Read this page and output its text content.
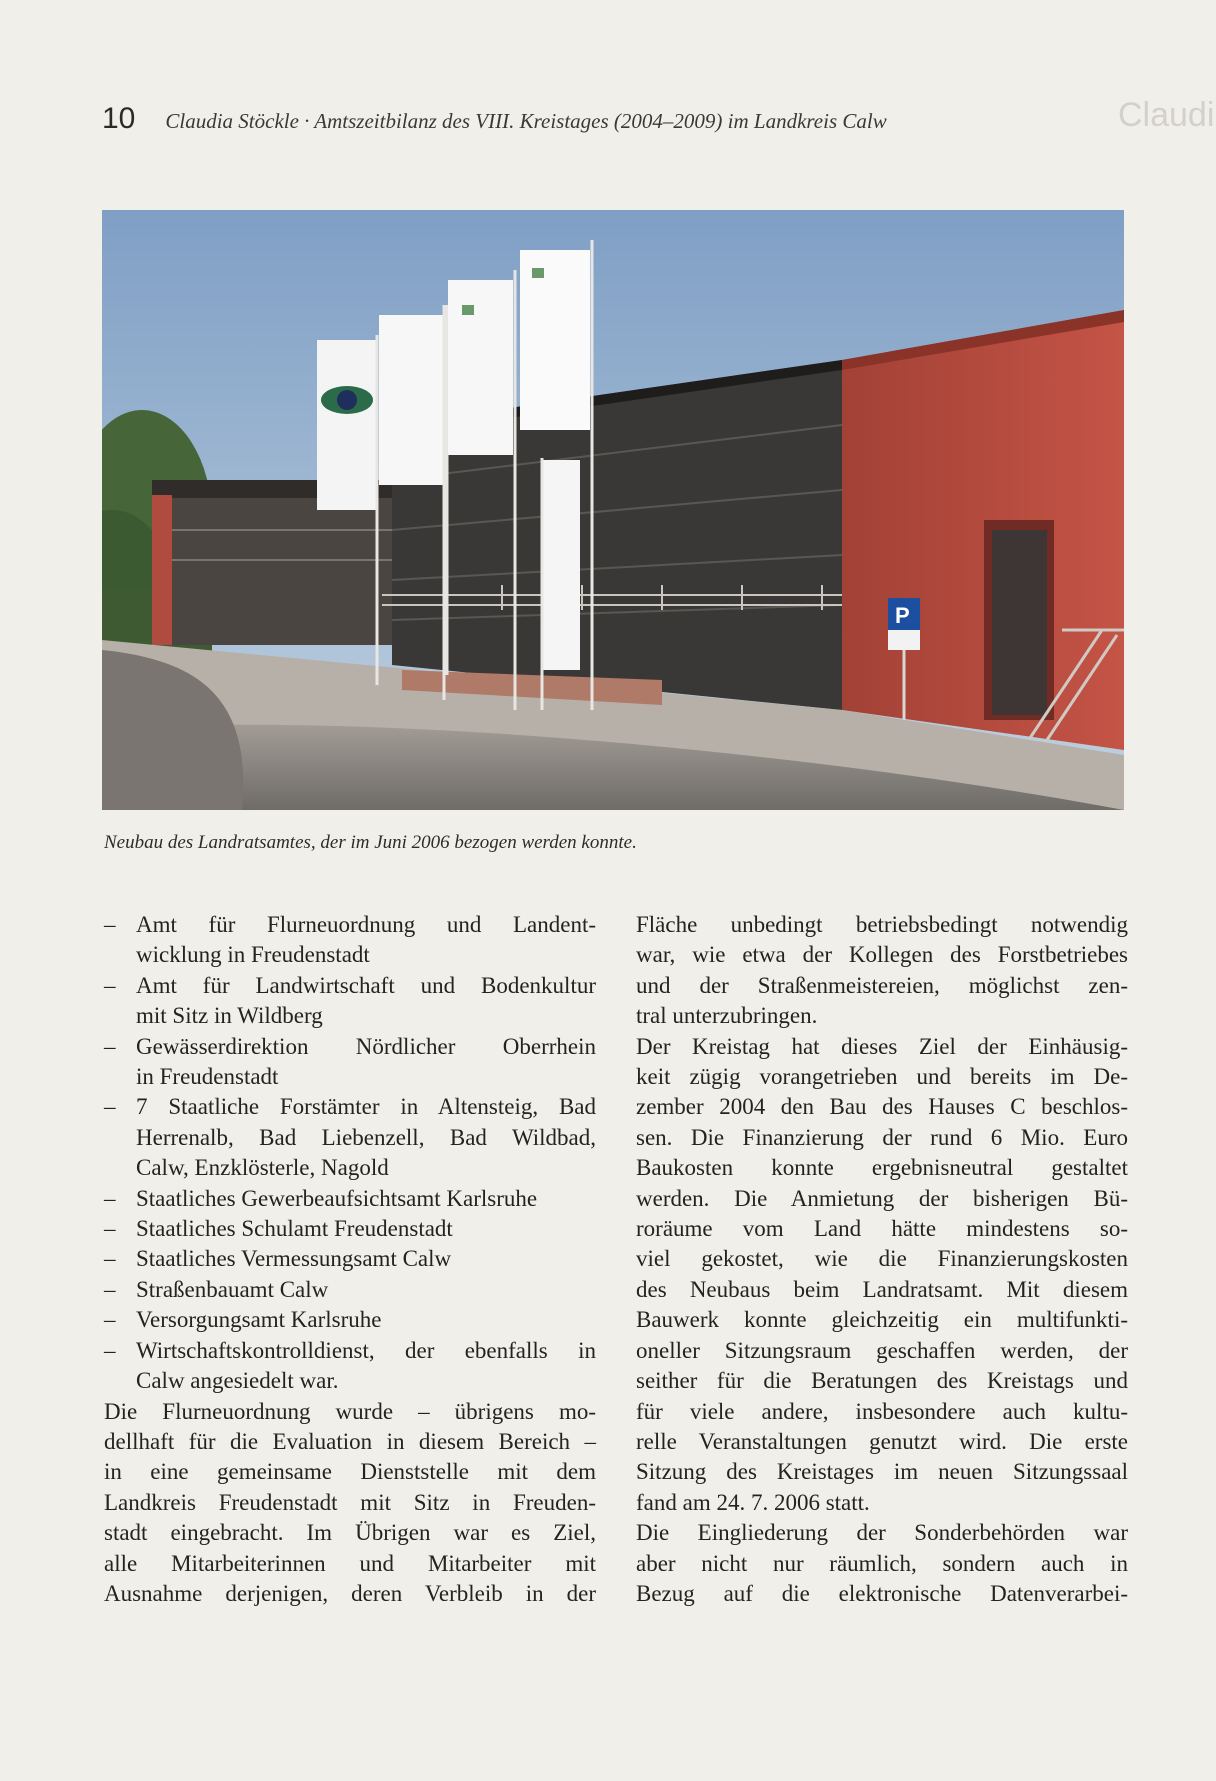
10 Claudia Stöckle · Amtszeitbilanz des VIII. Kreistages (2004–2009) im Landkreis Calw	Claudi
P
Neubau des Landratsamtes, der im Juni 2006 bezogen werden konnte.
– Amt für Flurneuordnung und Landent-
wicklung in Freudenstadt
– Amt für Landwirtschaft und Bodenkultur
mit Sitz in Wildberg
– Gewässerdirektion Nördlicher Oberrhein
in Freudenstadt
– 7 Staatliche Forstämter in Altensteig, Bad
Herrenalb, Bad Liebenzell, Bad Wildbad,
Calw, Enzklösterle, Nagold
– Staatliches Gewerbeaufsichtsamt Karlsruhe
– Staatliches Schulamt Freudenstadt
– Staatliches Vermessungsamt Calw
– Straßenbauamt Calw
– Versorgungsamt Karlsruhe
– Wirtschaftskontrolldienst, der ebenfalls in
Calw angesiedelt war.

Die Flurneuordnung wurde – übrigens mo-
dellhaft für die Evaluation in diesem Bereich –
in eine gemeinsame Dienststelle mit dem
Landkreis Freudenstadt mit Sitz in Freuden-
stadt eingebracht. Im Übrigen war es Ziel,
alle Mitarbeiterinnen und Mitarbeiter mit
Ausnahme derjenigen, deren Verbleib in der

Fläche unbedingt betriebsbedingt notwendig
war, wie etwa der Kollegen des Forstbetriebes
und der Straßenmeistereien, möglichst zen-
tral unterzubringen.

Der Kreistag hat dieses Ziel der Einhäusig-
keit zügig vorangetrieben und bereits im De-
zember 2004 den Bau des Hauses C beschlos-
sen. Die Finanzierung der rund 6 Mio. Euro
Baukosten konnte ergebnisneutral gestaltet
werden. Die Anmietung der bisherigen Bü-
roräume vom Land hätte mindestens so-
viel gekostet, wie die Finanzierungskosten
des Neubaus beim Landratsamt. Mit diesem
Bauwerk konnte gleichzeitig ein multifunkti-
oneller Sitzungsraum geschaffen werden, der
seither für die Beratungen des Kreistags und
für viele andere, insbesondere auch kultu-
relle Veranstaltungen genutzt wird. Die erste
Sitzung des Kreistages im neuen Sitzungssaal
fand am 24. 7. 2006 statt.

Die Eingliederung der Sonderbehörden war
aber nicht nur räumlich, sondern auch in
Bezug auf die elektronische Datenverarbei-
